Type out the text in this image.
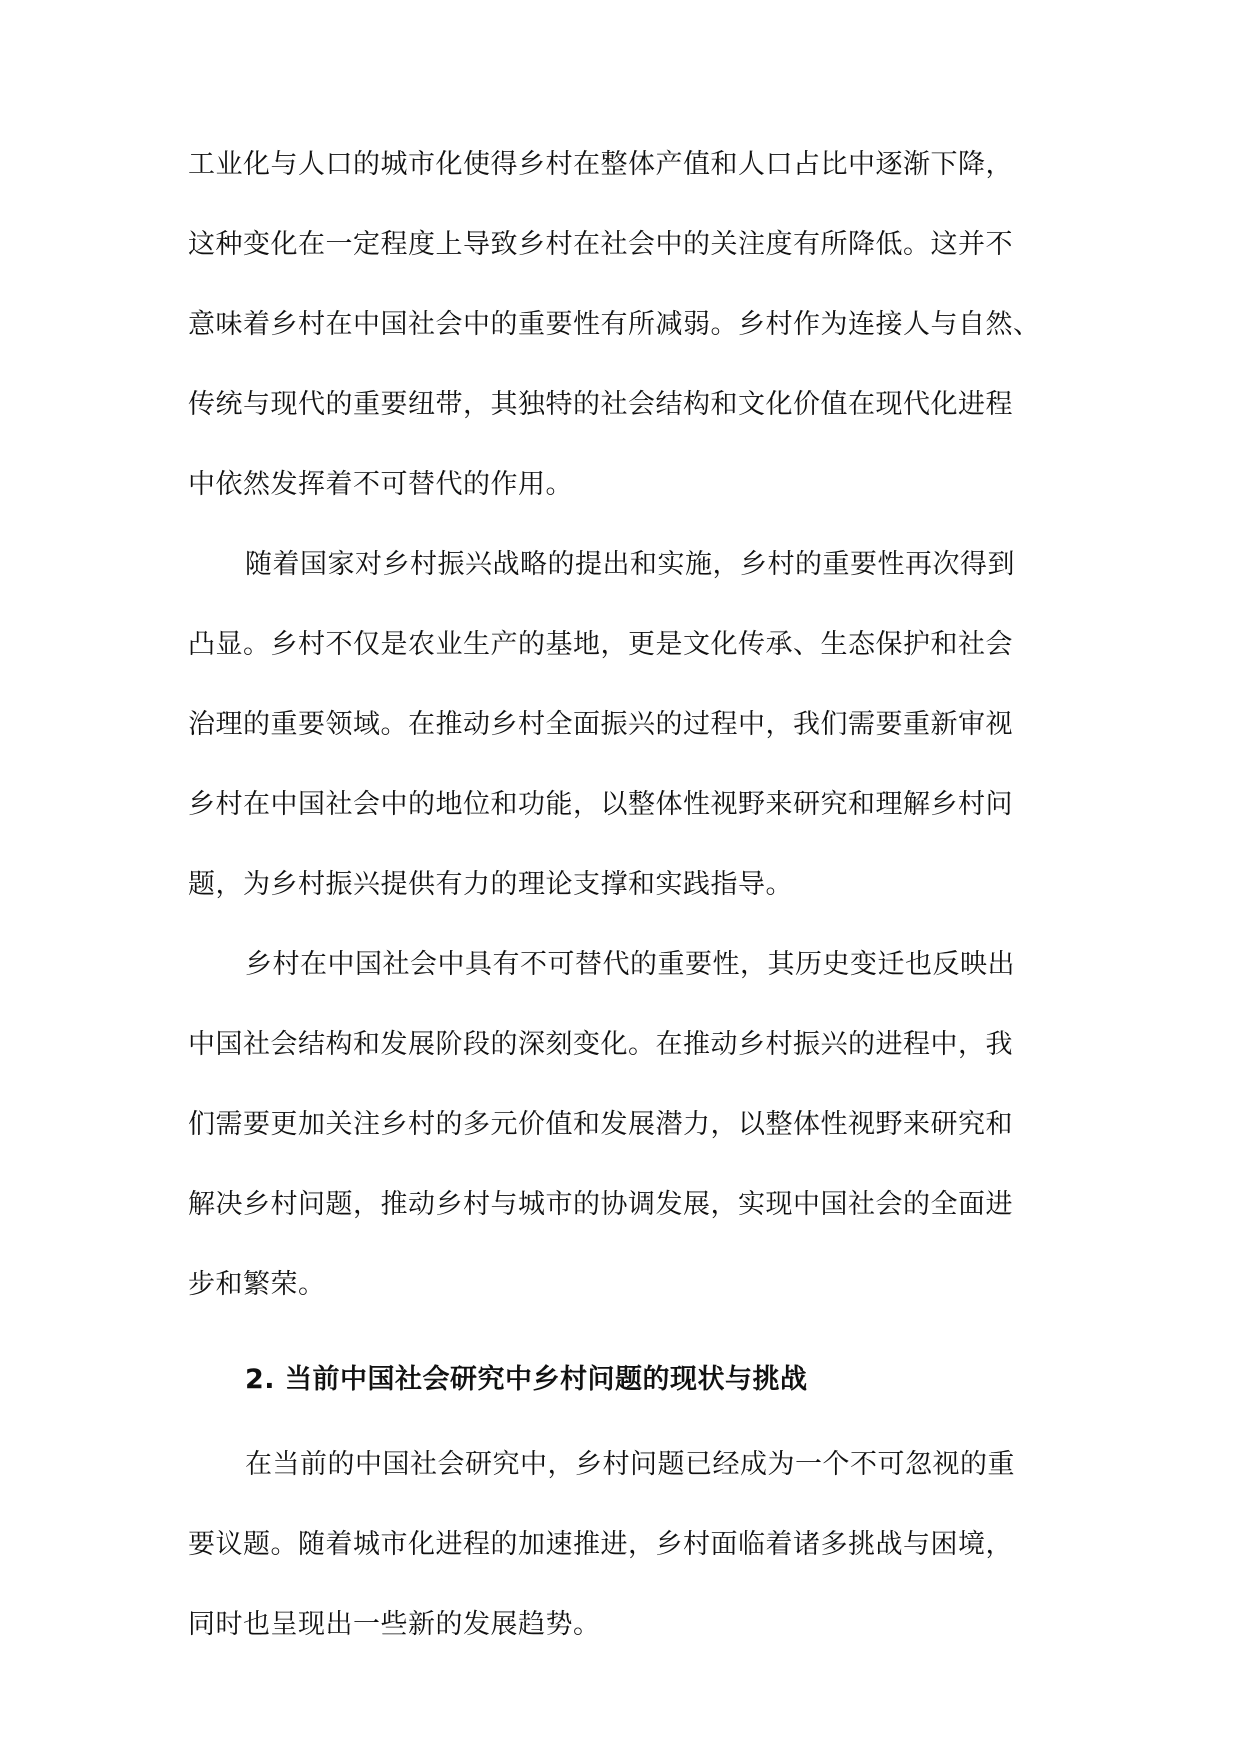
工业化与人口的城市化使得乡村在整体产值和人口占比中逐渐下降，
这种变化在一定程度上导致乡村在社会中的关注度有所降低。这并不
意味着乡村在中国社会中的重要性有所减弱。乡村作为连接人与自然、
传统与现代的重要纽带，其独特的社会结构和文化价值在现代化进程
中依然发挥着不可替代的作用。
随着国家对乡村振兴战略的提出和实施，乡村的重要性再次得到
凸显。乡村不仅是农业生产的基地，更是文化传承、生态保护和社会
治理的重要领域。在推动乡村全面振兴的过程中，我们需要重新审视
乡村在中国社会中的地位和功能，以整体性视野来研究和理解乡村问
题，为乡村振兴提供有力的理论支撑和实践指导。
乡村在中国社会中具有不可替代的重要性，其历史变迁也反映出
中国社会结构和发展阶段的深刻变化。在推动乡村振兴的进程中，我
们需要更加关注乡村的多元价值和发展潜力，以整体性视野来研究和
解决乡村问题，推动乡村与城市的协调发展，实现中国社会的全面进
步和繁荣。
2. 当前中国社会研究中乡村问题的现状与挑战
在当前的中国社会研究中，乡村问题已经成为一个不可忽视的重
要议题。随着城市化进程的加速推进，乡村面临着诸多挑战与困境，
同时也呈现出一些新的发展趋势。
